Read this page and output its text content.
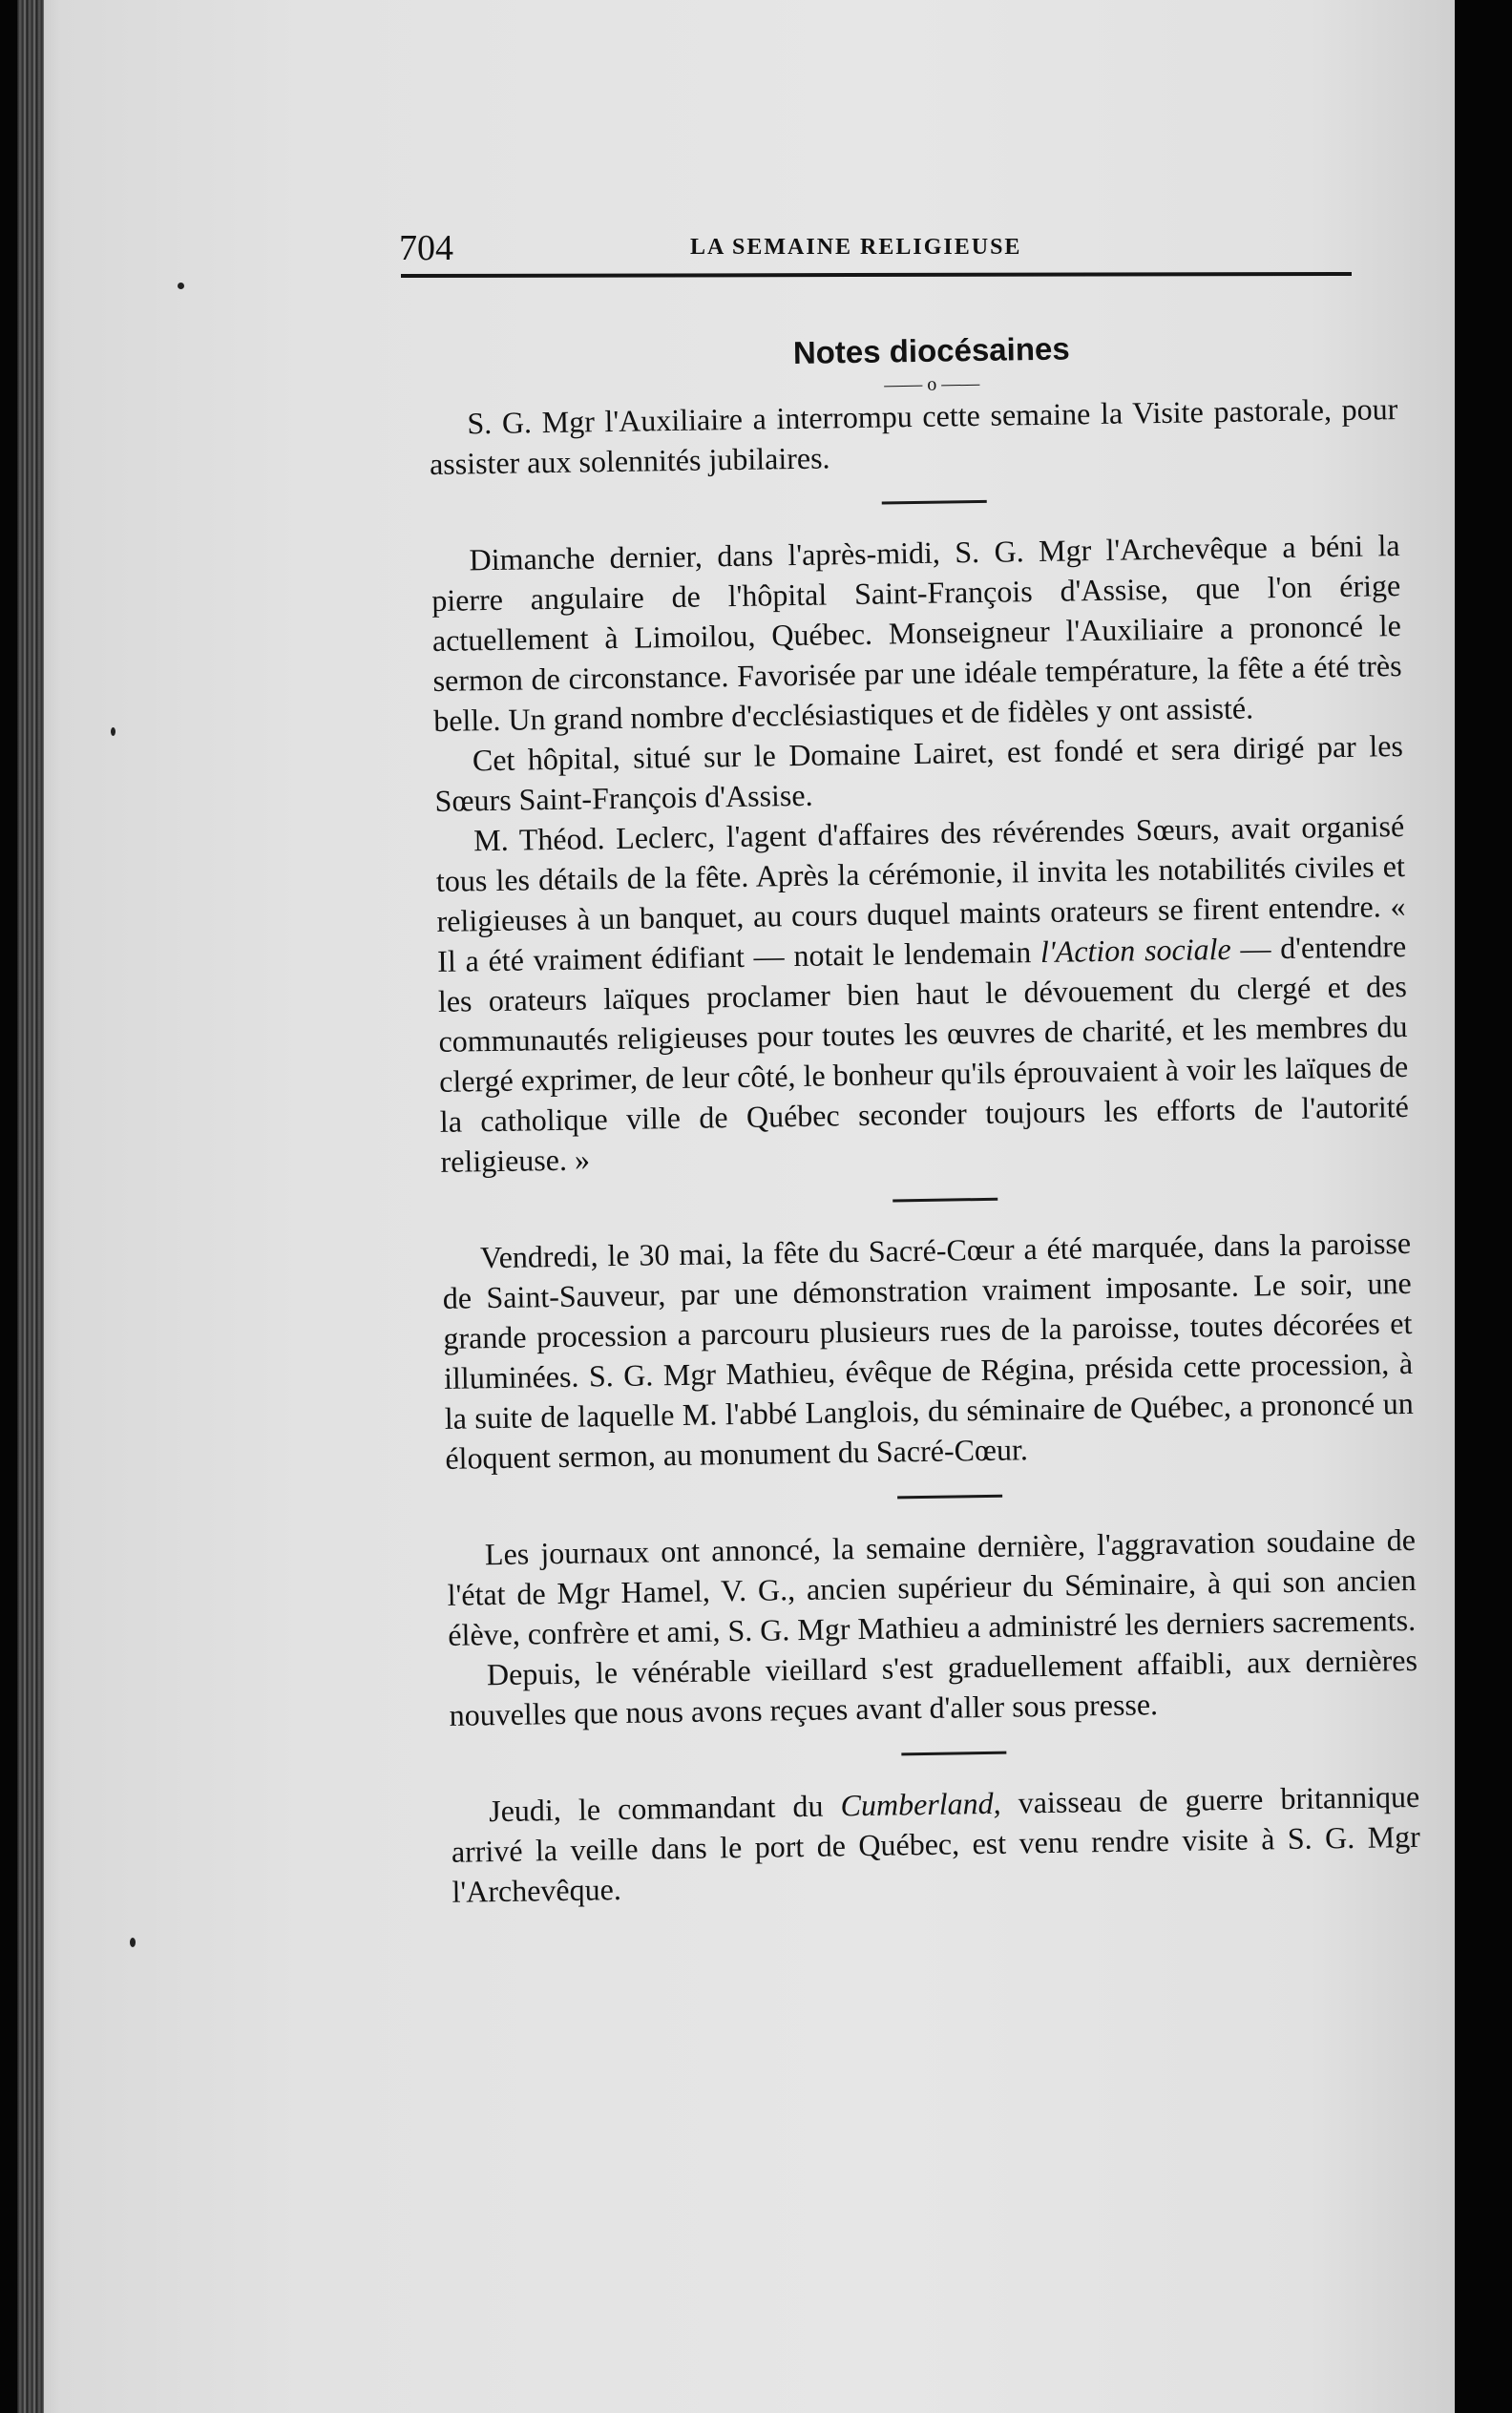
704	LA SEMAINE RELIGIEUSE

Notes diocésaines

—— o ——

S. G. Mgr l'Auxiliaire a interrompu cette semaine la Visite pastorale, pour assister aux solennités jubilaires.

Dimanche dernier, dans l'après-midi, S. G. Mgr l'Archevêque a béni la pierre angulaire de l'hôpital Saint-François d'Assise, que l'on érige actuellement à Limoilou, Québec. Monseigneur l'Auxiliaire a prononcé le sermon de circonstance. Favorisée par une idéale température, la fête a été très belle. Un grand nombre d'ecclésiastiques et de fidèles y ont assisté.

Cet hôpital, situé sur le Domaine Lairet, est fondé et sera dirigé par les Sœurs Saint-François d'Assise.

M. Théod. Leclerc, l'agent d'affaires des révérendes Sœurs, avait organisé tous les détails de la fête. Après la cérémonie, il invita les notabilités civiles et religieuses à un banquet, au cours duquel maints orateurs se firent entendre. « Il a été vraiment édifiant — notait le lendemain l'Action sociale — d'entendre les orateurs laïques proclamer bien haut le dévouement du clergé et des communautés religieuses pour toutes les œuvres de charité, et les membres du clergé exprimer, de leur côté, le bonheur qu'ils éprouvaient à voir les laïques de la catholique ville de Québec seconder toujours les efforts de l'autorité religieuse. »

Vendredi, le 30 mai, la fête du Sacré-Cœur a été marquée, dans la paroisse de Saint-Sauveur, par une démonstration vraiment imposante. Le soir, une grande procession a parcouru plusieurs rues de la paroisse, toutes décorées et illuminées. S. G. Mgr Mathieu, évêque de Régina, présida cette procession, à la suite de laquelle M. l'abbé Langlois, du séminaire de Québec, a prononcé un éloquent sermon, au monument du Sacré-Cœur.

Les journaux ont annoncé, la semaine dernière, l'aggravation soudaine de l'état de Mgr Hamel, V. G., ancien supérieur du Séminaire, à qui son ancien élève, confrère et ami, S. G. Mgr Mathieu a administré les derniers sacrements.

Depuis, le vénérable vieillard s'est graduellement affaibli, aux dernières nouvelles que nous avons reçues avant d'aller sous presse.

Jeudi, le commandant du Cumberland, vaisseau de guerre britannique arrivé la veille dans le port de Québec, est venu rendre visite à S. G. Mgr l'Archevêque.
